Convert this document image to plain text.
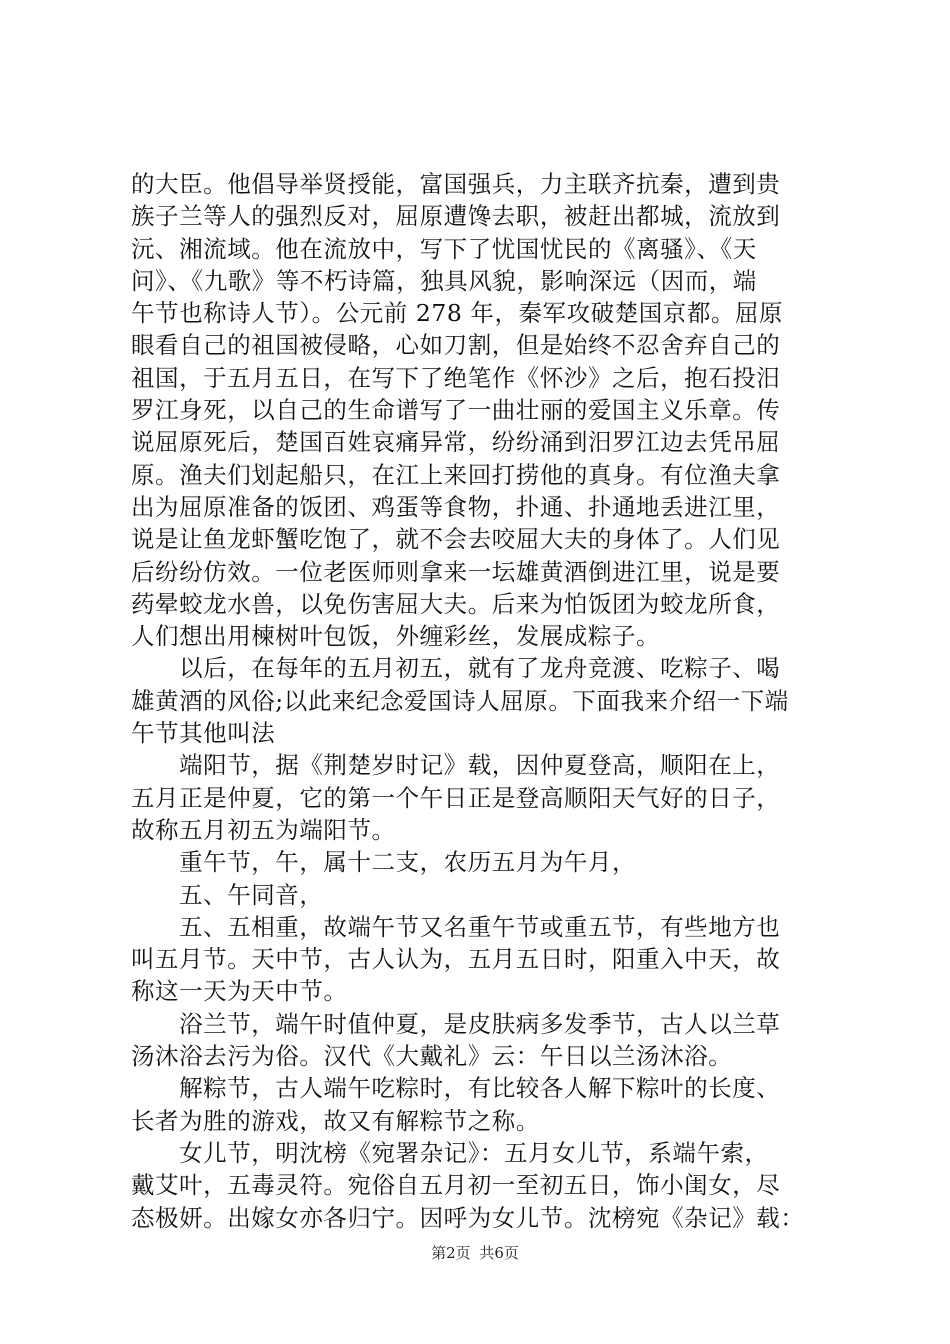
的大臣。他倡导举贤授能，富国强兵，力主联齐抗秦，遭到贵
族子兰等人的强烈反对，屈原遭馋去职，被赶出都城，流放到
沅、湘流域。他在流放中，写下了忧国忧民的《离骚》、《天
问》、《九歌》等不朽诗篇，独具风貌，影响深远（因而，端
午节也称诗人节）。公元前 278 年，秦军攻破楚国京都。屈原
眼看自己的祖国被侵略，心如刀割，但是始终不忍舍弃自己的
祖国，于五月五日，在写下了绝笔作《怀沙》之后，抱石投汨
罗江身死，以自己的生命谱写了一曲壮丽的爱国主义乐章。传
说屈原死后，楚国百姓哀痛异常，纷纷涌到汨罗江边去凭吊屈
原。渔夫们划起船只，在江上来回打捞他的真身。有位渔夫拿
出为屈原准备的饭团、鸡蛋等食物，扑通、扑通地丢进江里，
说是让鱼龙虾蟹吃饱了，就不会去咬屈大夫的身体了。人们见
后纷纷仿效。一位老医师则拿来一坛雄黄酒倒进江里，说是要
药晕蛟龙水兽，以免伤害屈大夫。后来为怕饭团为蛟龙所食，
人们想出用楝树叶包饭，外缠彩丝，发展成粽子。
　　以后，在每年的五月初五，就有了龙舟竞渡、吃粽子、喝
雄黄酒的风俗;以此来纪念爱国诗人屈原。下面我来介绍一下端
午节其他叫法
　　端阳节，据《荆楚岁时记》载，因仲夏登高，顺阳在上，
五月正是仲夏，它的第一个午日正是登高顺阳天气好的日子，
故称五月初五为端阳节。
　　重午节，午，属十二支，农历五月为午月，
　　五、午同音，
　　五、五相重，故端午节又名重午节或重五节，有些地方也
叫五月节。天中节，古人认为，五月五日时，阳重入中天，故
称这一天为天中节。
　　浴兰节，端午时值仲夏，是皮肤病多发季节，古人以兰草
汤沐浴去污为俗。汉代《大戴礼》云：午日以兰汤沐浴。
　　解粽节，古人端午吃粽时，有比较各人解下粽叶的长度、
长者为胜的游戏，故又有解粽节之称。
　　女儿节，明沈榜《宛署杂记》：五月女儿节，系端午索，
戴艾叶，五毒灵符。宛俗自五月初一至初五日，饰小闺女，尽
态极妍。出嫁女亦各归宁。因呼为女儿节。沈榜宛《杂记》载：
第2页 共6页
